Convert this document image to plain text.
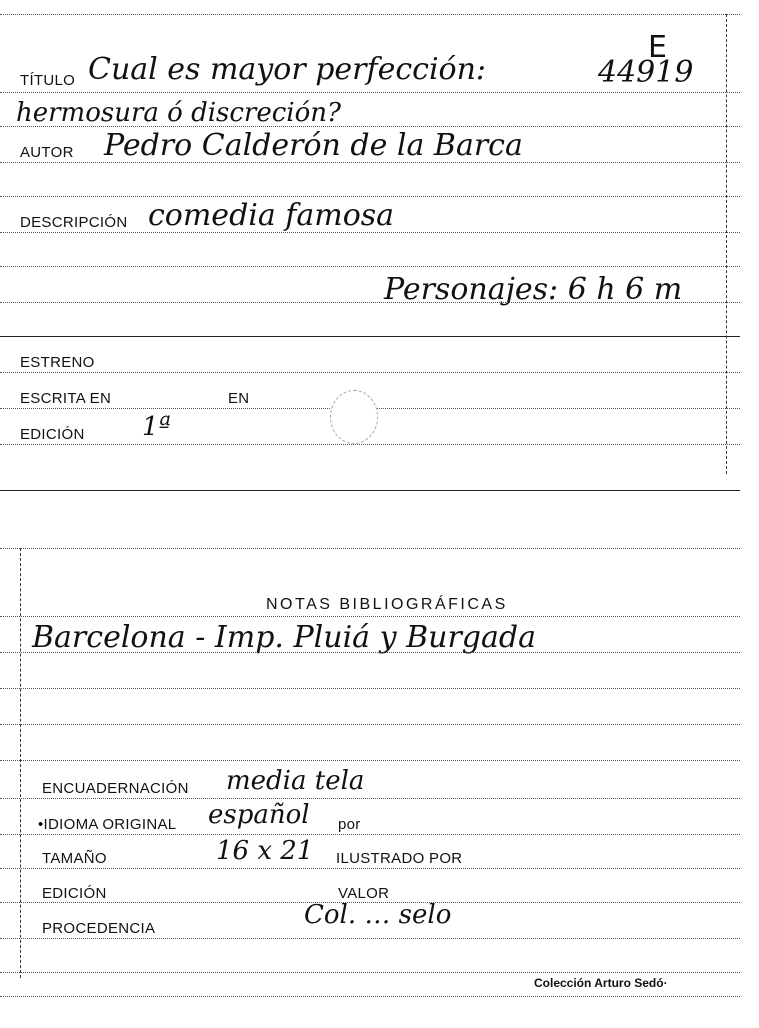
E
TÍTULO Cual es mayor perfección:	44919
hermosura ó discreción?
AUTOR Pedro Calderón de la Barca
DESCRIPCIÓN comedia famosa
Personajes: 6 h 6 m
ESTRENO
ESCRITA EN	EN
EDICIÓN 1ª
NOTAS BIBLIOGRÁFICAS
Barcelona - Imp. Pluiá y Burgada
ENCUADERNACIÓN media tela
•IDIOMA ORIGINAL español por
TAMAÑO	16 x 21 ILUSTRADO POR
EDICIÓN	VALOR
PROCEDENCIA	Col. … selo
Colección Arturo Sedó·
